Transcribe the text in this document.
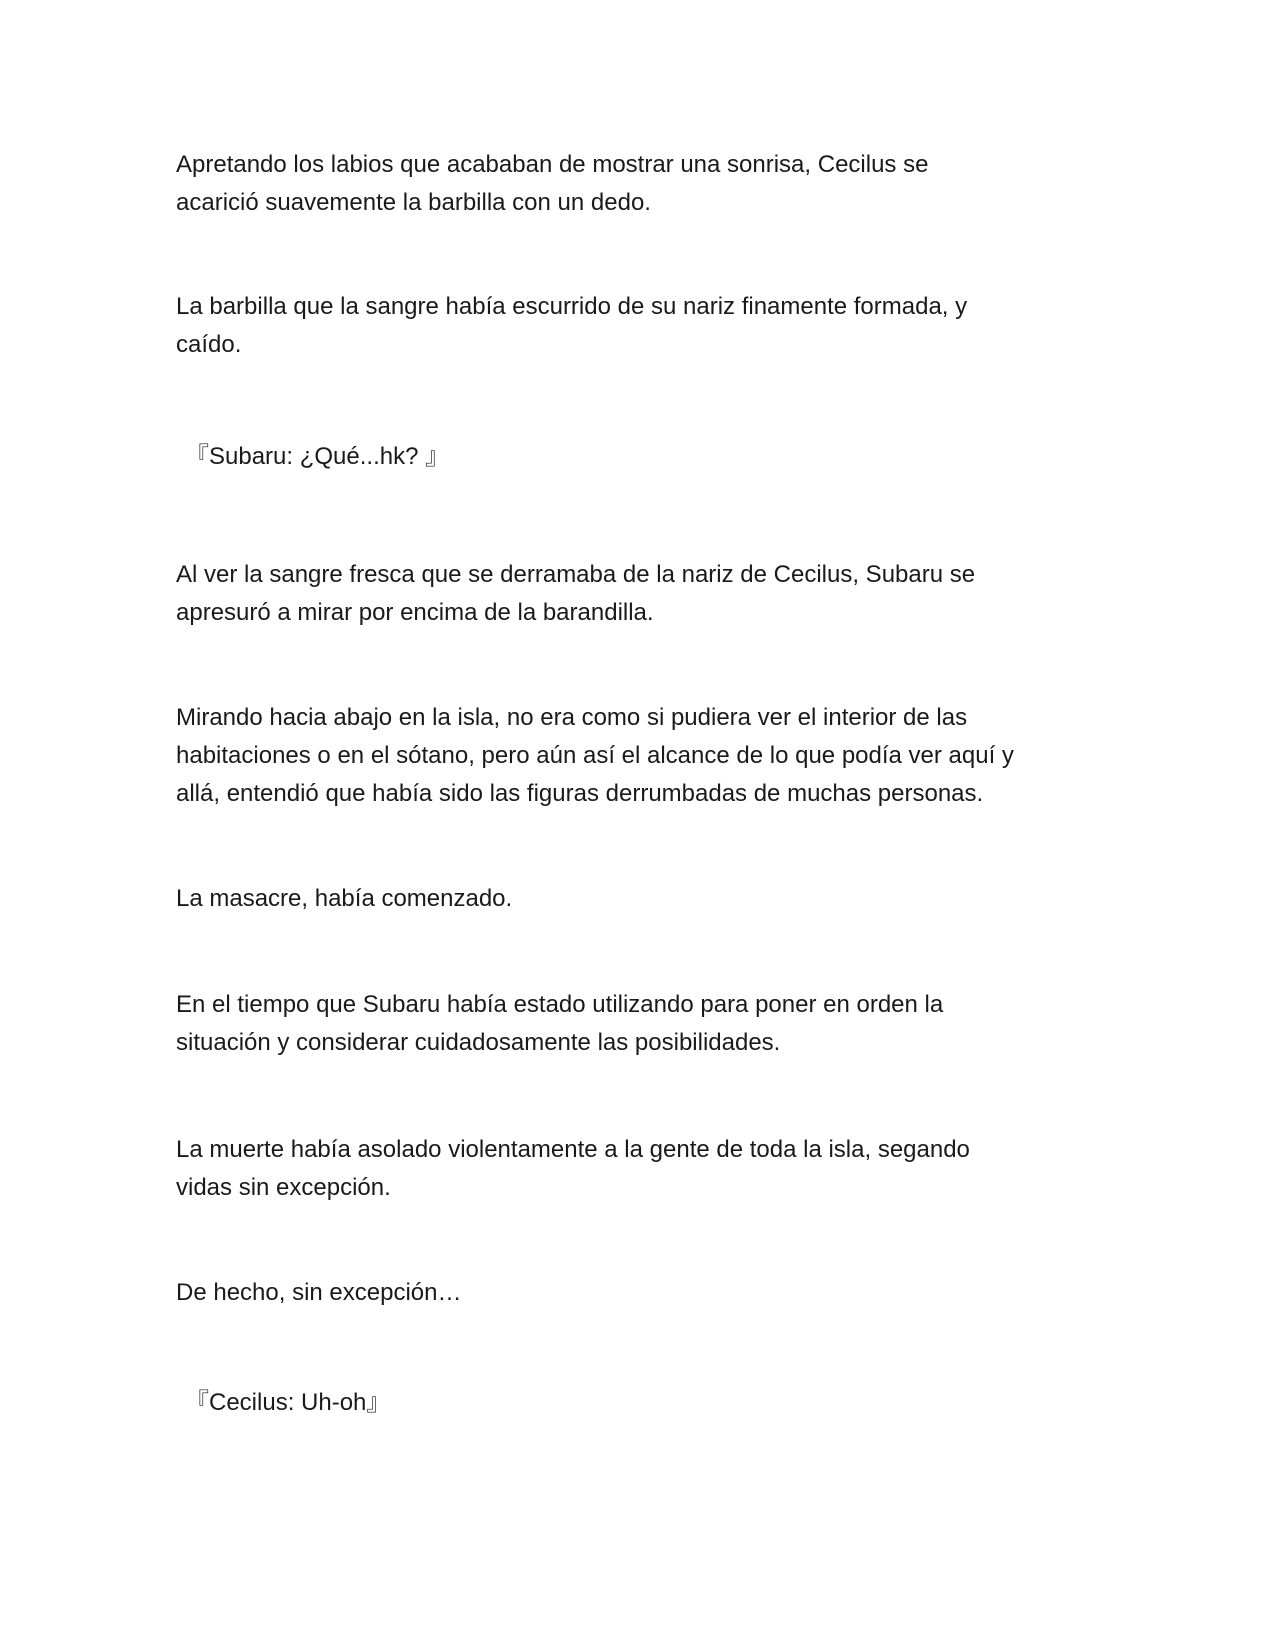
Apretando los labios que acababan de mostrar una sonrisa, Cecilus se
acarició suavemente la barbilla con un dedo.

La barbilla que la sangre había escurrido de su nariz finamente formada, y
caído.

『Subaru: ¿Qué...hk? 』

Al ver la sangre fresca que se derramaba de la nariz de Cecilus, Subaru se
apresuró a mirar por encima de la barandilla.

Mirando hacia abajo en la isla, no era como si pudiera ver el interior de las
habitaciones o en el sótano, pero aún así el alcance de lo que podía ver aquí y
allá, entendió que había sido las figuras derrumbadas de muchas personas.

La masacre, había comenzado.

En el tiempo que Subaru había estado utilizando para poner en orden la
situación y considerar cuidadosamente las posibilidades.

La muerte había asolado violentamente a la gente de toda la isla, segando
vidas sin excepción.

De hecho, sin excepción…

『Cecilus: Uh-oh』
